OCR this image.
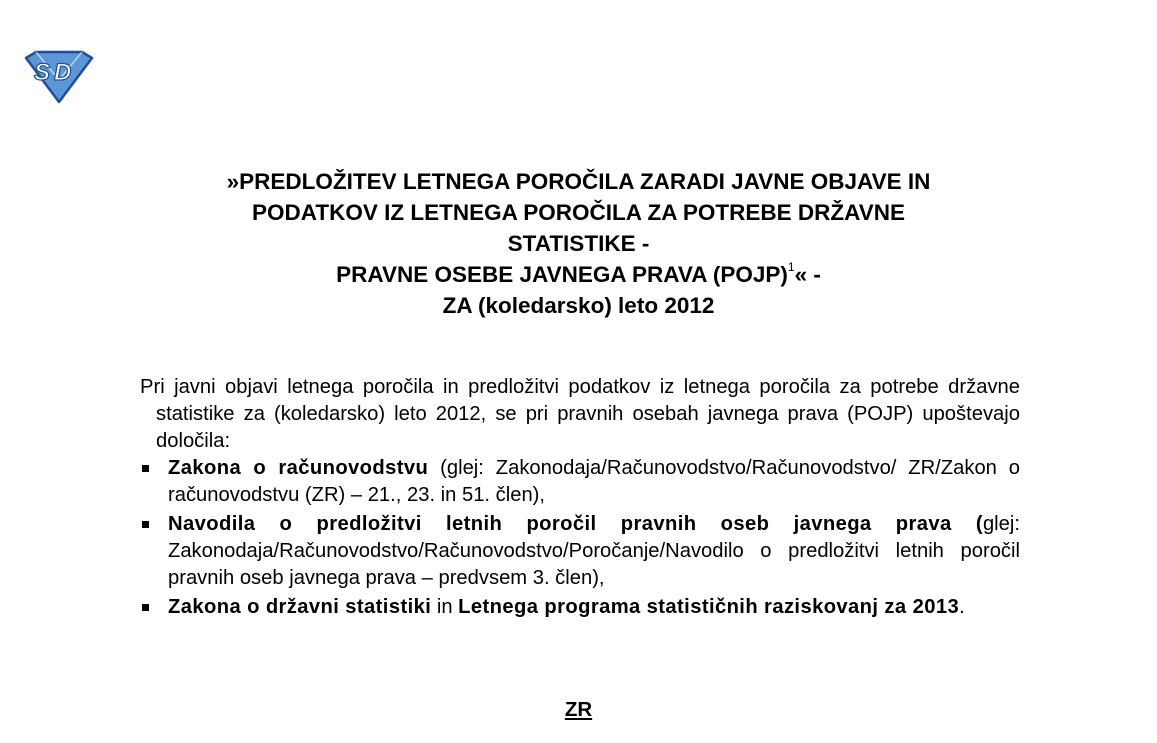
S D
»PREDLOŽITEV LETNEGA POROČILA ZARADI JAVNE OBJAVE IN
PODATKOV IZ LETNEGA POROČILA ZA POTREBE DRŽAVNE
STATISTIKE -
PRAVNE OSEBE JAVNEGA PRAVA (POJP)$^1$« -
ZA (koledarsko) leto 2012
Pri javni objavi letnega poročila in predložitvi podatkov iz letnega poročila za potrebe državne statistike za (koledarsko) leto 2012, se pri pravnih osebah javnega prava (POJP) upoštevajo določila:
Zakona o računovodstvu (glej: Zakonodaja/Računovodstvo/Računovodstvo/ ZR/Zakon o računovodstvu (ZR) – 21., 23. in 51. člen),
Navodila o predložitvi letnih poročil pravnih oseb javnega prava (glej: Zakonodaja/Računovodstvo/Računovodstvo/Poročanje/Navodilo o predložitvi letnih poročil pravnih oseb javnega prava – predvsem 3. člen),
Zakona o državni statistiki in Letnega programa statističnih raziskovanj za 2013.
ZR
